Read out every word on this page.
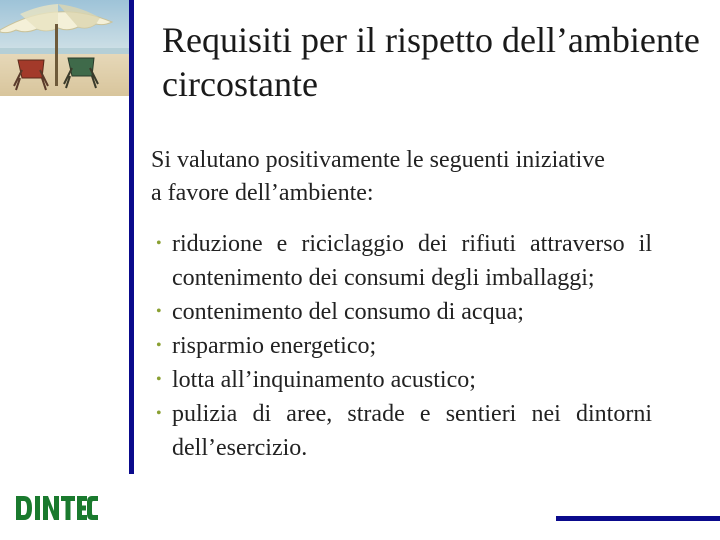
Requisiti per il rispetto dell’ambiente
circostante
Si valutano positivamente le seguenti iniziative
a favore dell’ambiente:
• riduzione e riciclaggio dei rifiuti attraverso il contenimento dei consumi degli imballaggi;
• contenimento del consumo di acqua;
• risparmio energetico;
• lotta all’inquinamento acustico;
• pulizia di aree, strade e sentieri nei dintorni dell’esercizio.
